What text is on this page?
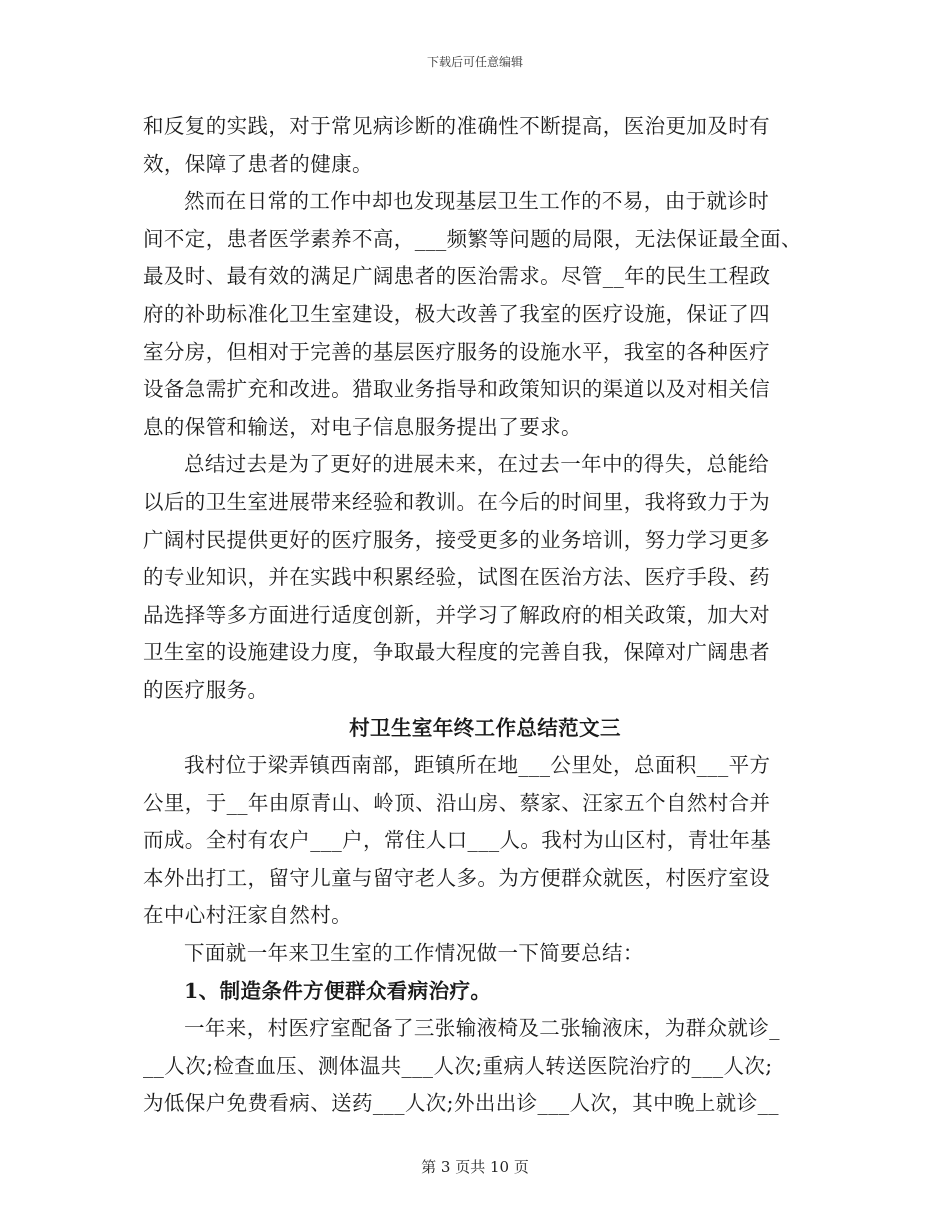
下载后可任意编辑
和反复的实践，对于常见病诊断的准确性不断提高，医治更加及时有
效，保障了患者的健康。
然而在日常的工作中却也发现基层卫生工作的不易，由于就诊时
间不定，患者医学素养不高，___频繁等问题的局限，无法保证最全面、
最及时、最有效的满足广阔患者的医治需求。尽管__年的民生工程政
府的补助标准化卫生室建设，极大改善了我室的医疗设施，保证了四
室分房，但相对于完善的基层医疗服务的设施水平，我室的各种医疗
设备急需扩充和改进。猎取业务指导和政策知识的渠道以及对相关信
息的保管和输送，对电子信息服务提出了要求。
总结过去是为了更好的进展未来，在过去一年中的得失，总能给
以后的卫生室进展带来经验和教训。在今后的时间里，我将致力于为
广阔村民提供更好的医疗服务，接受更多的业务培训，努力学习更多
的专业知识，并在实践中积累经验，试图在医治方法、医疗手段、药
品选择等多方面进行适度创新，并学习了解政府的相关政策，加大对
卫生室的设施建设力度，争取最大程度的完善自我，保障对广阔患者
的医疗服务。
村卫生室年终工作总结范文三
我村位于梁弄镇西南部，距镇所在地___公里处，总面积___平方
公里，于__年由原青山、岭顶、沿山房、蔡家、汪家五个自然村合并
而成。全村有农户___户，常住人口___人。我村为山区村，青壮年基
本外出打工，留守儿童与留守老人多。为方便群众就医，村医疗室设
在中心村汪家自然村。
下面就一年来卫生室的工作情况做一下简要总结：
1、制造条件方便群众看病治疗。
一年来，村医疗室配备了三张输液椅及二张输液床，为群众就诊_
__人次;检查血压、测体温共___人次;重病人转送医院治疗的___人次;
为低保户免费看病、送药___人次;外出出诊___人次，其中晚上就诊__
第 3 页共 10 页
